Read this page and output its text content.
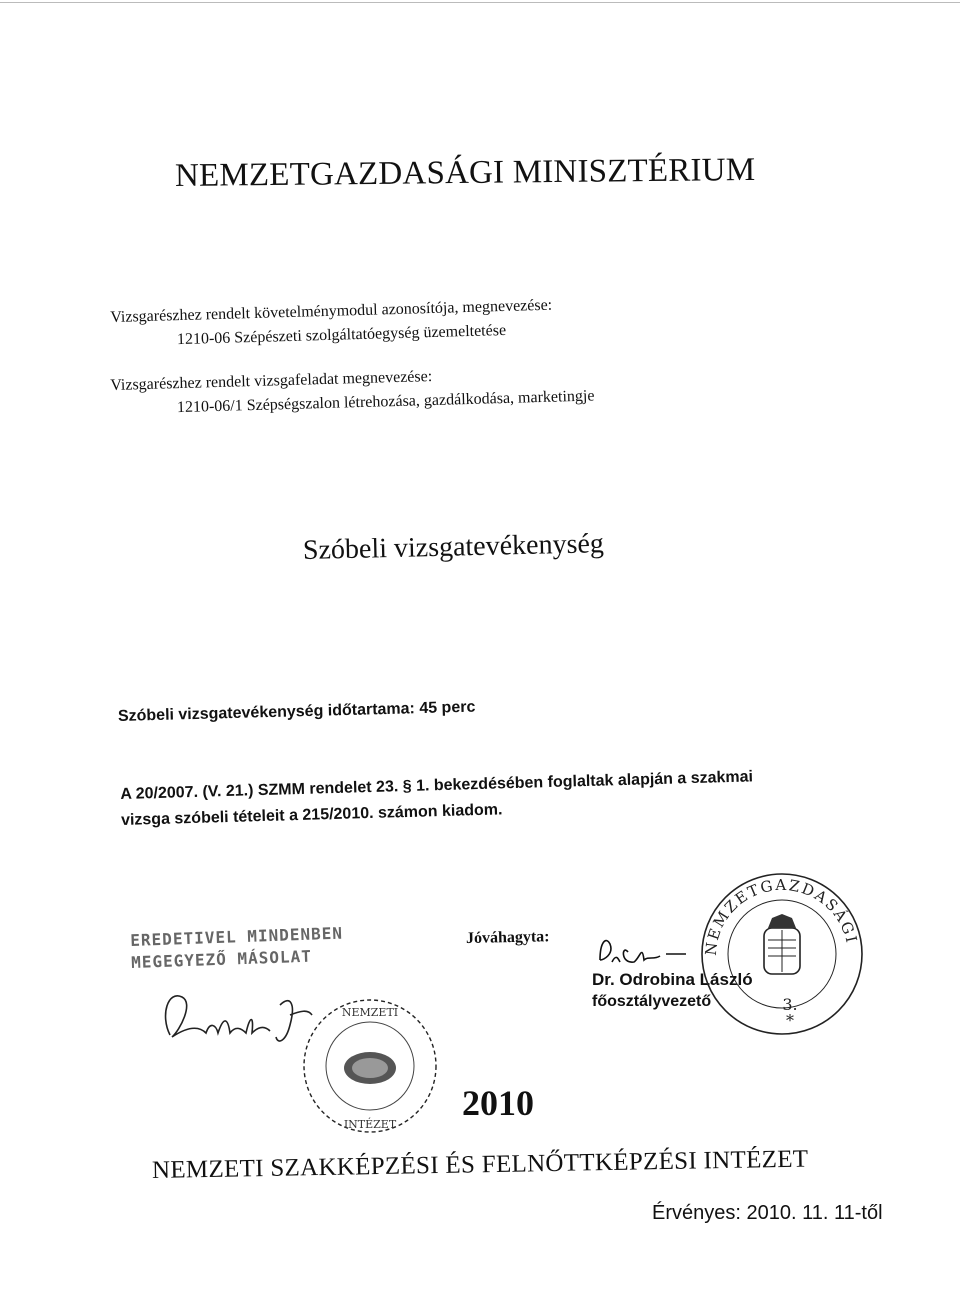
NEMZETGAZDASÁGI MINISZTÉRIUM
Vizsgarészhez rendelt követelménymodul azonosítója, megnevezése:
1210-06 Szépészeti szolgáltatóegység üzemeltetése
Vizsgarészhez rendelt vizsgafeladat megnevezése:
1210-06/1 Szépségszalon létrehozása, gazdálkodása, marketingje
Szóbeli vizsgatevékenység
Szóbeli vizsgatevékenység időtartama: 45 perc
A 20/2007. (V. 21.) SZMM rendelet 23. § 1. bekezdésében foglaltak alapján a szakmai
vizsga szóbeli tételeit a 215/2010. számon kiadom.
EREDETIVEL MINDENBEN
MEGEGYEZŐ MÁSOLAT
NEMZETI
INTÉZET
Jóváhagyta:
Dr. Odrobina László
főosztályvezető
NEMZETGAZDASÁGI MINISZTÉRIUM
3.
*
2010
NEMZETI SZAKKÉPZÉSI ÉS FELNŐTTKÉPZÉSI INTÉZET
Érvényes: 2010. 11. 11-től
